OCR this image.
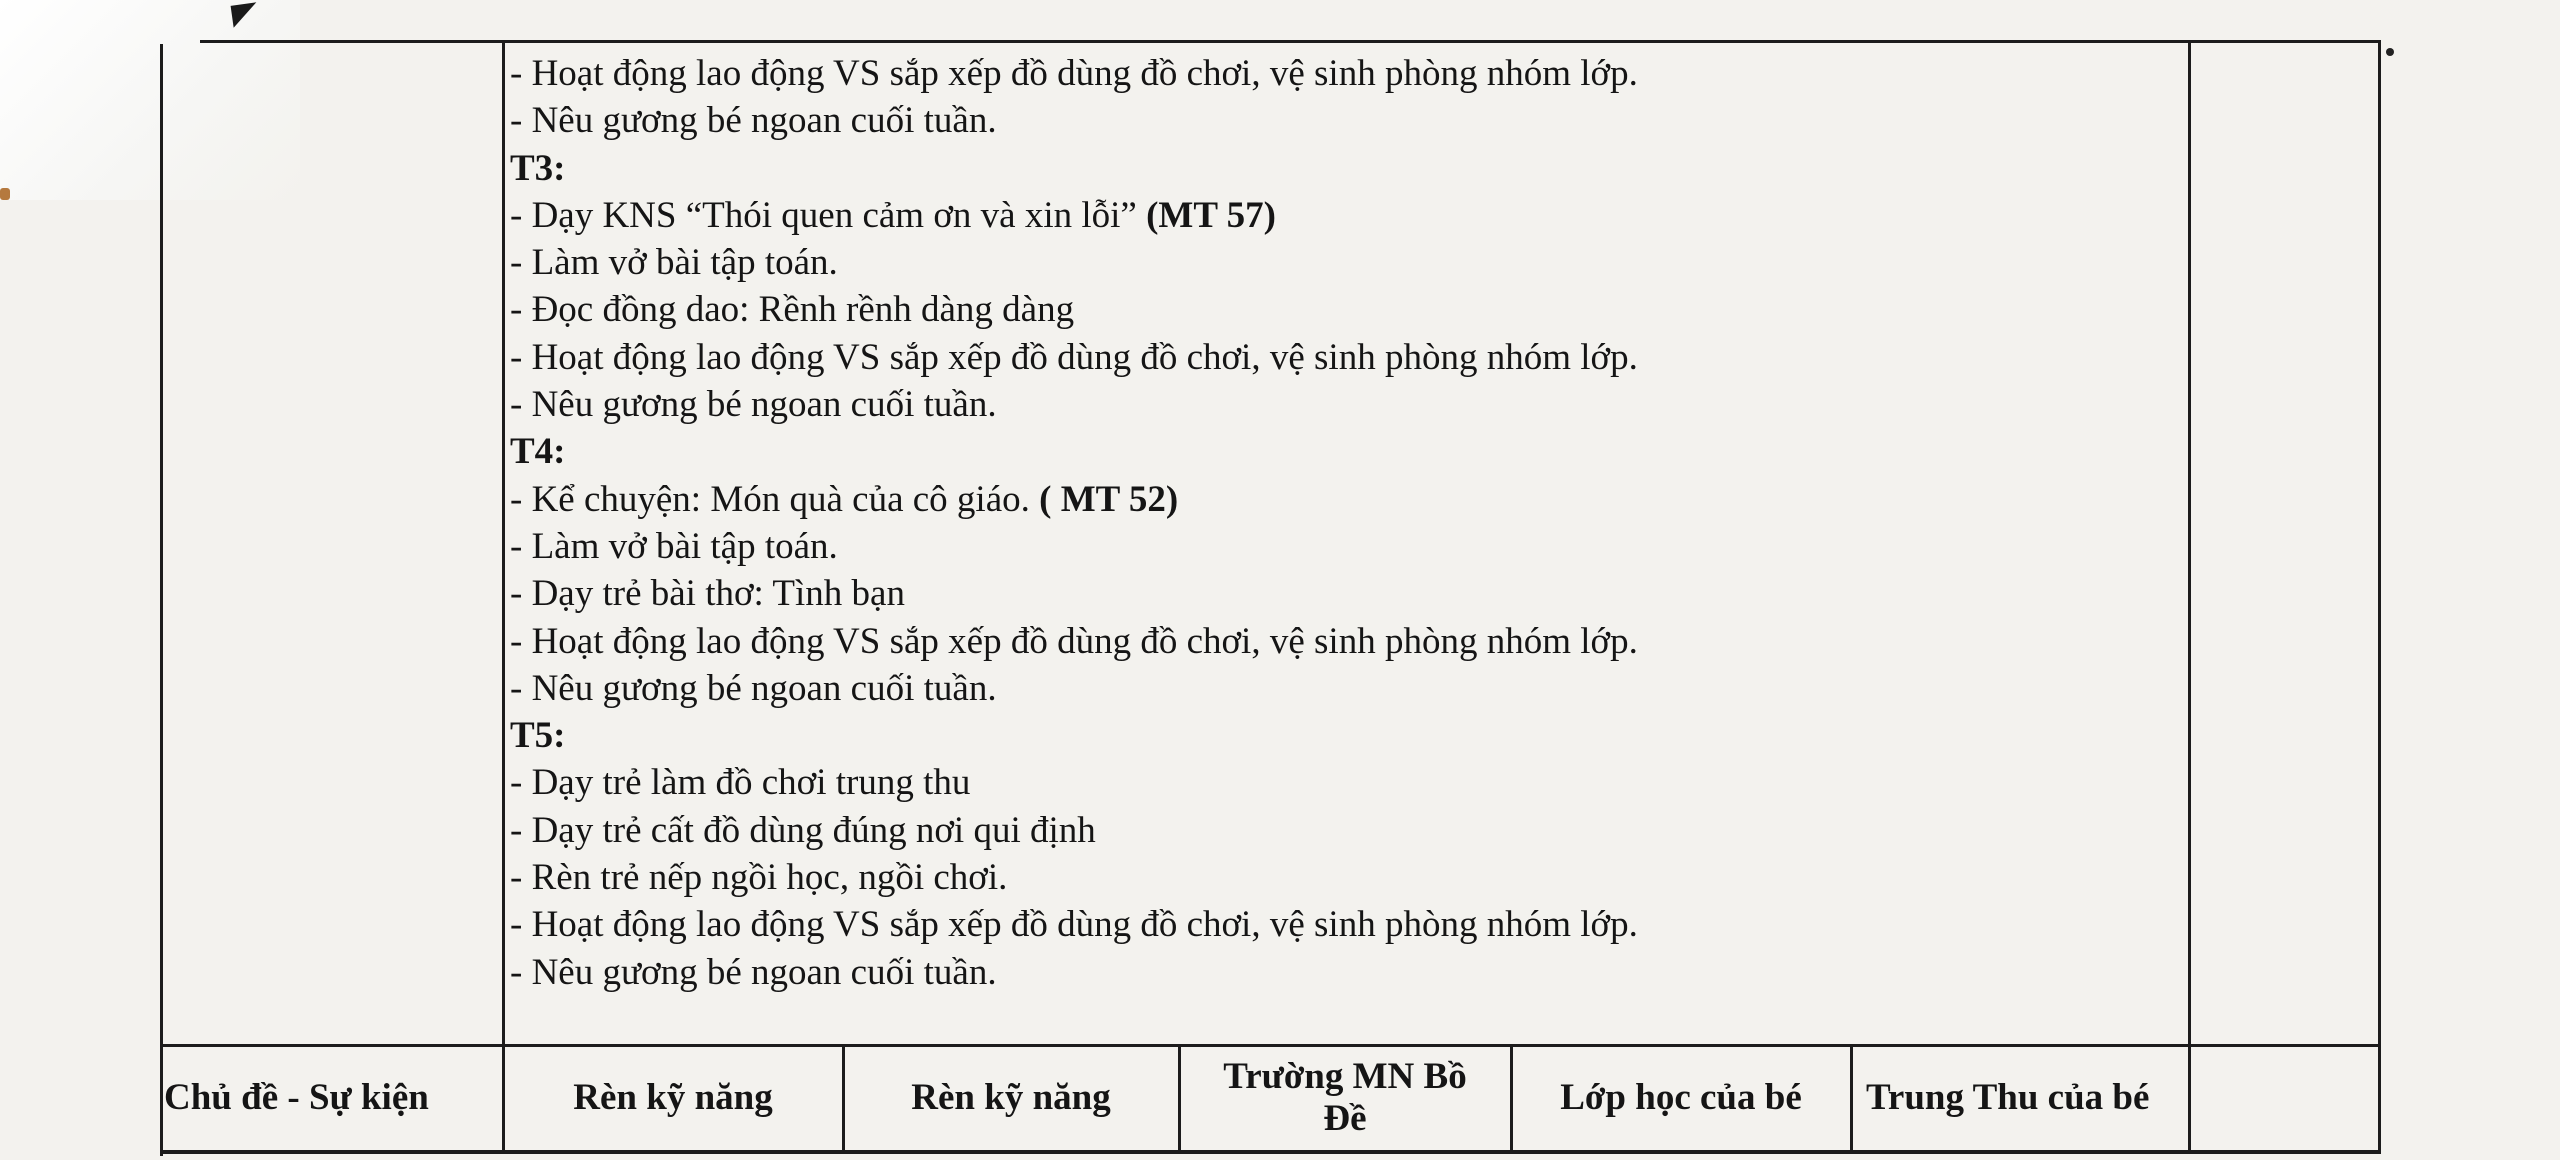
- Hoạt động lao động VS sắp xếp đồ dùng đồ chơi, vệ sinh phòng nhóm lớp.
- Nêu gương bé ngoan cuối tuần.
T3:
- Dạy KNS “Thói quen cảm ơn và xin lỗi” (MT 57)
- Làm vở bài tập toán.
- Đọc đồng dao: Rềnh rềnh dàng dàng
- Hoạt động lao động VS sắp xếp đồ dùng đồ chơi, vệ sinh phòng nhóm lớp.
- Nêu gương bé ngoan cuối tuần.
T4:
- Kể chuyện: Món quà của cô giáo. ( MT 52)
- Làm vở bài tập toán.
- Dạy trẻ bài thơ: Tình bạn
- Hoạt động lao động VS sắp xếp đồ dùng đồ chơi, vệ sinh phòng nhóm lớp.
- Nêu gương bé ngoan cuối tuần.
T5:
- Dạy trẻ làm đồ chơi trung thu
- Dạy trẻ cất đồ dùng đúng nơi qui định
- Rèn trẻ nếp ngồi học, ngồi chơi.
- Hoạt động lao động VS sắp xếp đồ dùng đồ chơi, vệ sinh phòng nhóm lớp.
- Nêu gương bé ngoan cuối tuần.
Chủ đề - Sự kiện	Rèn kỹ năng	Rèn kỹ năng
Trường MN Bồ Đề
Lớp học của bé Trung Thu của bé
